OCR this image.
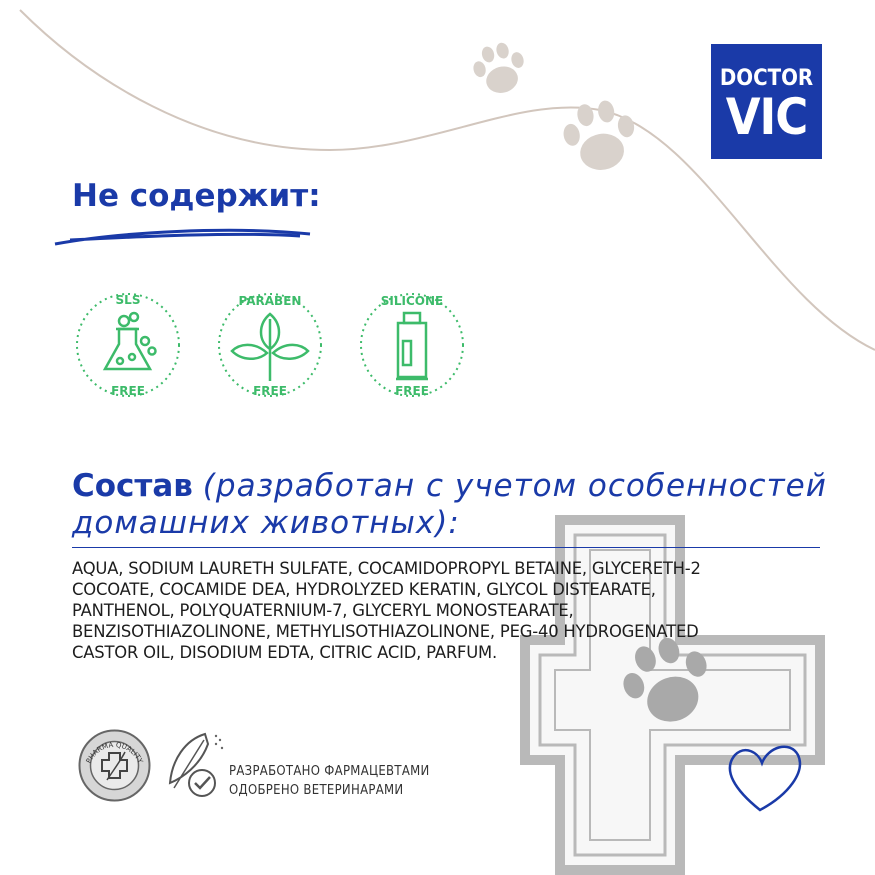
DOCTOR
VIC
Не содержит:
SLS
FREE
PARABEN
FREE
SILICONE
FREE
Состав (разработан с учетом особенностей домашних животных):
AQUA, SODIUM LAURETH SULFATE, COCAMIDOPROPYL BETAINE, GLYCERETH-2
COCOATE, COCAMIDE DEA, HYDROLYZED KERATIN, GLYCOL DISTEARATE,
PANTHENOL, POLYQUATERNIUM-7, GLYCERYL MONOSTEARATE,
BENZISOTHIAZOLINONE, METHYLISOTHIAZOLINONE, PEG-40 HYDROGENATED
CASTOR OIL, DISODIUM EDTA, CITRIC ACID, PARFUM.
PHARMA QUALITY
РАЗРАБОТАНО ФАРМАЦЕВТАМИ
ОДОБРЕНО ВЕТЕРИНАРАМИ
